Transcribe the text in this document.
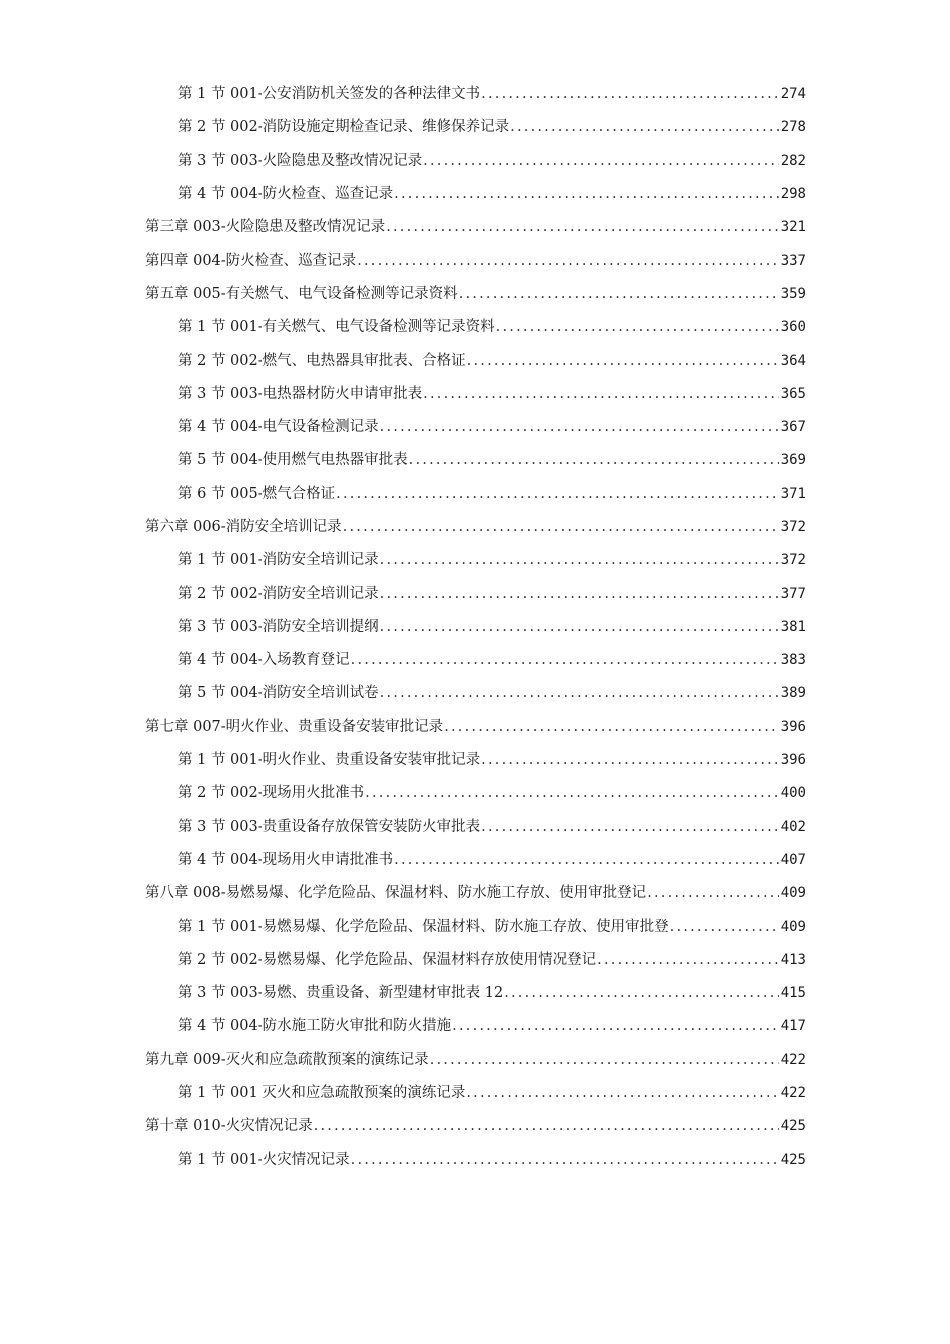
第 1 节 001-公安消防机关签发的各种法律文书 .....	274
第 2 节 002-消防设施定期检查记录、维修保养记录 .....	278
第 3 节 003-火险隐患及整改情况记录 .....	282
第 4 节 004-防火检查、巡查记录 .....	298
第三章 003-火险隐患及整改情况记录 .....	321
第四章 004-防火检查、巡查记录 .....	337
第五章 005-有关燃气、电气设备检测等记录资料 .....	359
第 1 节 001-有关燃气、电气设备检测等记录资料 .....	360
第 2 节 002-燃气、电热器具审批表、合格证 .....	364
第 3 节 003-电热器材防火申请审批表 .....	365
第 4 节 004-电气设备检测记录 .....	367
第 5 节 004-使用燃气电热器审批表 .....	369
第 6 节 005-燃气合格证 .....	371
第六章 006-消防安全培训记录 .....	372
第 1 节 001-消防安全培训记录 .....	372
第 2 节 002-消防安全培训记录 .....	377
第 3 节 003-消防安全培训提纲 .....	381
第 4 节 004-入场教育登记 .....	383
第 5 节 004-消防安全培训试卷 .....	389
第七章 007-明火作业、贵重设备安装审批记录 .....	396
第 1 节 001-明火作业、贵重设备安装审批记录 .....	396
第 2 节 002-现场用火批准书 .....	400
第 3 节 003-贵重设备存放保管安装防火审批表 .....	402
第 4 节 004-现场用火申请批准书 .....	407
第八章 008-易燃易爆、化学危险品、保温材料、防水施工存放、使用审批登记 .....	409
第 1 节 001-易燃易爆、化学危险品、保温材料、防水施工存放、使用审批登 .....	409
第 2 节 002-易燃易爆、化学危险品、保温材料存放使用情况登记 .....	413
第 3 节 003-易燃、贵重设备、新型建材审批表 12 .....	415
第 4 节 004-防水施工防火审批和防火措施 .....	417
第九章 009-灭火和应急疏散预案的演练记录 .....	422
第 1 节 001 灭火和应急疏散预案的演练记录 .....	422
第十章 010-火灾情况记录 .....	425
第 1 节 001-火灾情况记录 .....	425
